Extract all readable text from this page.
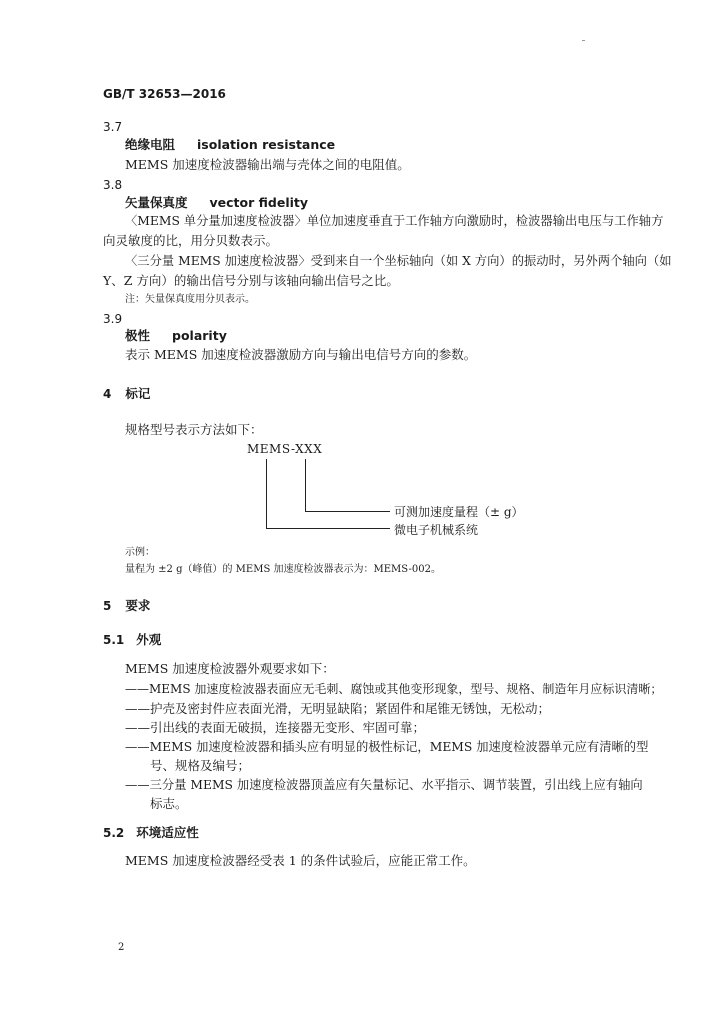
GB/T 32653—2016
3.7
绝缘电阻 isolation resistance
MEMS 加速度检波器输出端与壳体之间的电阻值。
3.8
矢量保真度 vector fidelity
〈MEMS 单分量加速度检波器〉单位加速度垂直于工作轴方向激励时，检波器输出电压与工作轴方
向灵敏度的比，用分贝数表示。
〈三分量 MEMS 加速度检波器〉受到来自一个坐标轴向（如 X 方向）的振动时，另外两个轴向（如
Y、Z 方向）的输出信号分别与该轴向输出信号之比。
注：矢量保真度用分贝表示。
3.9
极性 polarity
表示 MEMS 加速度检波器激励方向与输出电信号方向的参数。
4 标记
规格型号表示方法如下：
MEMS-XXX
可测加速度量程（± g）
微电子机械系统
示例：
量程为 ±2 g（峰值）的 MEMS 加速度检波器表示为：MEMS-002。
5 要求
5.1 外观
MEMS 加速度检波器外观要求如下：
——MEMS 加速度检波器表面应无毛刺、腐蚀或其他变形现象，型号、规格、制造年月应标识清晰；
——护壳及密封件应表面光滑，无明显缺陷；紧固件和尾锥无锈蚀，无松动；
——引出线的表面无破损，连接器无变形、牢固可靠；
——MEMS 加速度检波器和插头应有明显的极性标记，MEMS 加速度检波器单元应有清晰的型
号、规格及编号；
——三分量 MEMS 加速度检波器顶盖应有矢量标记、水平指示、调节装置，引出线上应有轴向
标志。
5.2 环境适应性
MEMS 加速度检波器经受表 1 的条件试验后，应能正常工作。
2
